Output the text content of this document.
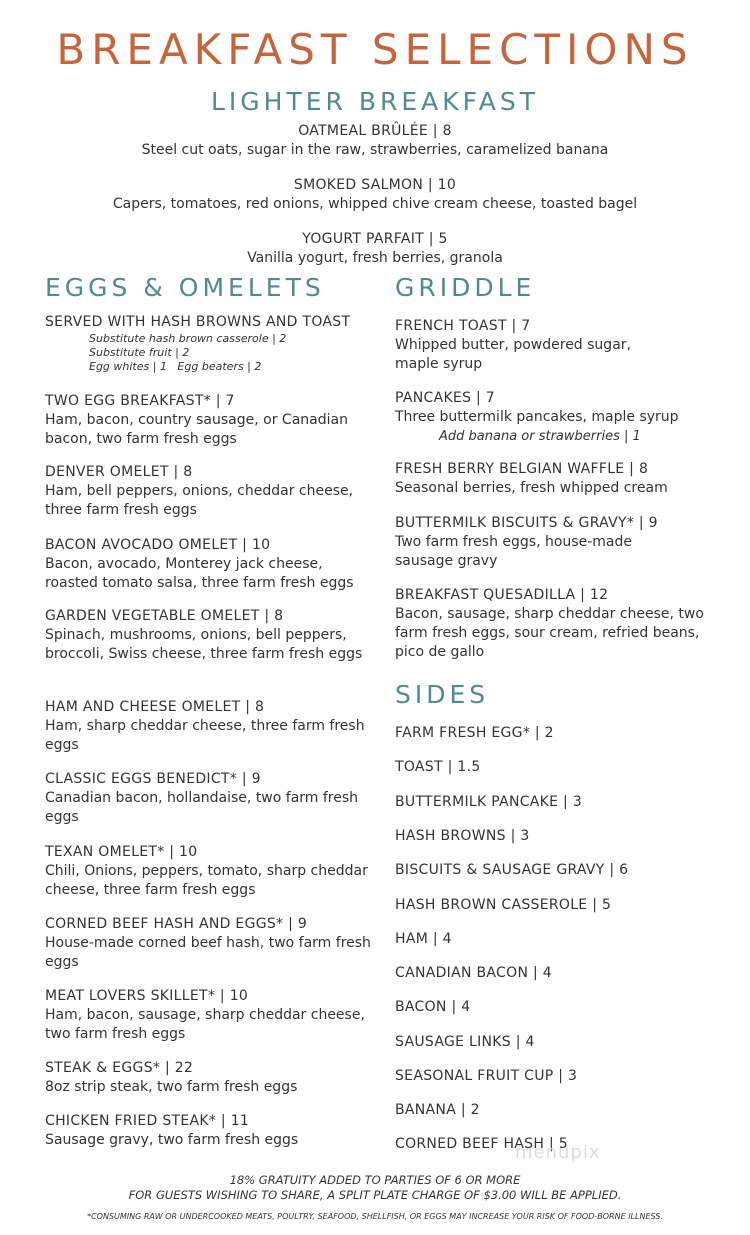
BREAKFAST SELECTIONS
LIGHTER BREAKFAST
OATMEAL BRÛLÉE | 8
Steel cut oats, sugar in the raw, strawberries, caramelized banana
SMOKED SALMON | 10
Capers, tomatoes, red onions, whipped chive cream cheese, toasted bagel
YOGURT PARFAIT | 5
Vanilla yogurt, fresh berries, granola
EGGS & OMELETS
SERVED WITH HASH BROWNS AND TOAST
Substitute hash brown casserole | 2
Substitute fruit | 2
Egg whites | 1   Egg beaters | 2
TWO EGG BREAKFAST* | 7
Ham, bacon, country sausage, or Canadian bacon, two farm fresh eggs
DENVER OMELET | 8
Ham, bell peppers, onions, cheddar cheese, three farm fresh eggs
BACON AVOCADO OMELET | 10
Bacon, avocado, Monterey jack cheese, roasted tomato salsa, three farm fresh eggs
GARDEN VEGETABLE OMELET | 8
Spinach, mushrooms, onions, bell peppers, broccoli, Swiss cheese, three farm fresh eggs
HAM AND CHEESE OMELET | 8
Ham, sharp cheddar cheese, three farm fresh eggs
CLASSIC EGGS BENEDICT* | 9
Canadian bacon, hollandaise, two farm fresh eggs
TEXAN OMELET* | 10
Chili, Onions, peppers, tomato, sharp cheddar cheese, three farm fresh eggs
CORNED BEEF HASH AND EGGS* | 9
House-made corned beef hash, two farm fresh eggs
MEAT LOVERS SKILLET* | 10
Ham, bacon, sausage, sharp cheddar cheese, two farm fresh eggs
STEAK & EGGS* | 22
8oz strip steak, two farm fresh eggs
CHICKEN FRIED STEAK* | 11
Sausage gravy, two farm fresh eggs
GRIDDLE
FRENCH TOAST | 7
Whipped butter, powdered sugar, maple syrup
PANCAKES | 7
Three buttermilk pancakes, maple syrup
Add banana or strawberries | 1
FRESH BERRY BELGIAN WAFFLE | 8
Seasonal berries, fresh whipped cream
BUTTERMILK BISCUITS & GRAVY* | 9
Two farm fresh eggs, house-made sausage gravy
BREAKFAST QUESADILLA | 12
Bacon, sausage, sharp cheddar cheese, two farm fresh eggs, sour cream, refried beans, pico de gallo
SIDES
FARM FRESH EGG* | 2
TOAST | 1.5
BUTTERMILK PANCAKE | 3
HASH BROWNS | 3
BISCUITS & SAUSAGE GRAVY | 6
HASH BROWN CASSEROLE | 5
HAM | 4
CANADIAN BACON | 4
BACON | 4
SAUSAGE LINKS | 4
SEASONAL FRUIT CUP | 3
BANANA | 2
CORNED BEEF HASH | 5
menupix
18% GRATUITY ADDED TO PARTIES OF 6 OR MORE
FOR GUESTS WISHING TO SHARE, A SPLIT PLATE CHARGE OF $3.00 WILL BE APPLIED.
*CONSUMING RAW OR UNDERCOOKED MEATS, POULTRY, SEAFOOD, SHELLFISH, OR EGGS MAY INCREASE YOUR RISK OF FOOD-BORNE ILLNESS.
